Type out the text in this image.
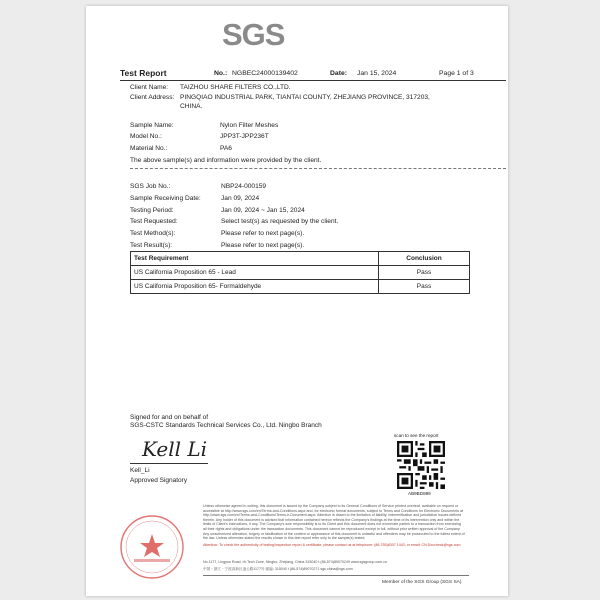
SGS
Test Report	No.: NGBEC24000139402	Date: Jan 15, 2024	Page 1 of 3
Client Name: TAIZHOU SHARE FILTERS CO.,LTD.
Client Address: PINGQIAO INDUSTRIAL PARK, TIANTAI COUNTY, ZHEJIANG PROVINCE, 317203,
CHINA.
Sample Name:	Nylon Filter Meshes
Model No.:	JPP3T-JPP236T
Material No.:	PA6
The above sample(s) and information were provided by the client.
SGS Job No.:	NBP24-000159
Sample Receiving Date:	Jan 09, 2024
Testing Period:	Jan 09, 2024 ~ Jan 15, 2024
Test Requested:	Select test(s) as requested by the client.
Test Method(s):	Please refer to next page(s).
Test Result(s):	Please refer to next page(s).
Test Requirement	Conclusion
US California Proposition 65 - Lead	Pass
US California Proposition 65- Formaldehyde	Pass
Signed for and on behalf of
SGS-CSTC Standards Technical Services Co., Ltd. Ningbo Branch
Kell Li
Kell_Li
Approved Signatory
scan to see the report
AB9BD899
Unless otherwise agreed in writing, this document is issued by the Company subject to its General Conditions of Service printed overleaf, available on request or accessible at http://www.sgs.com/en/Terms-and-Conditions.aspx and, for electronic format documents, subject to Terms and Conditions for Electronic Documents at http://www.sgs.com/en/Terms-and-Conditions/Terms-e-Document.aspx. Attention is drawn to the limitation of liability, indemnification and jurisdiction issues defined therein. Any holder of this document is advised that information contained hereon reflects the Company's findings at the time of its intervention only and within the limits of Client's instructions, if any. The Company's sole responsibility is to its Client and this document does not exonerate parties to a transaction from exercising all their rights and obligations under the transaction documents. This document cannot be reproduced except in full, without prior written approval of the Company. Any unauthorized alteration, forgery or falsification of the content or appearance of this document is unlawful and offenders may be prosecuted to the fullest extent of the law. Unless otherwise stated the results shown in this test report refer only to the sample(s) tested.
Attention: To check the authenticity of testing/inspection report & certificate, please contact us at telephone: (86-755)8307 1443, or email: CN.Doccheck@sgs.com
No.1177, Lingyun Road, Hi-Tech Zone, Ningbo, Zhejiang, China 315040 t (86-574)89070249 www.sgsgroup.com.cn
中国・浙江・宁波高新区凌云路1177号 邮编: 315040 t (86-574)89070271 sgs.china@sgs.com
Member of the SGS Group (SGS SA)
